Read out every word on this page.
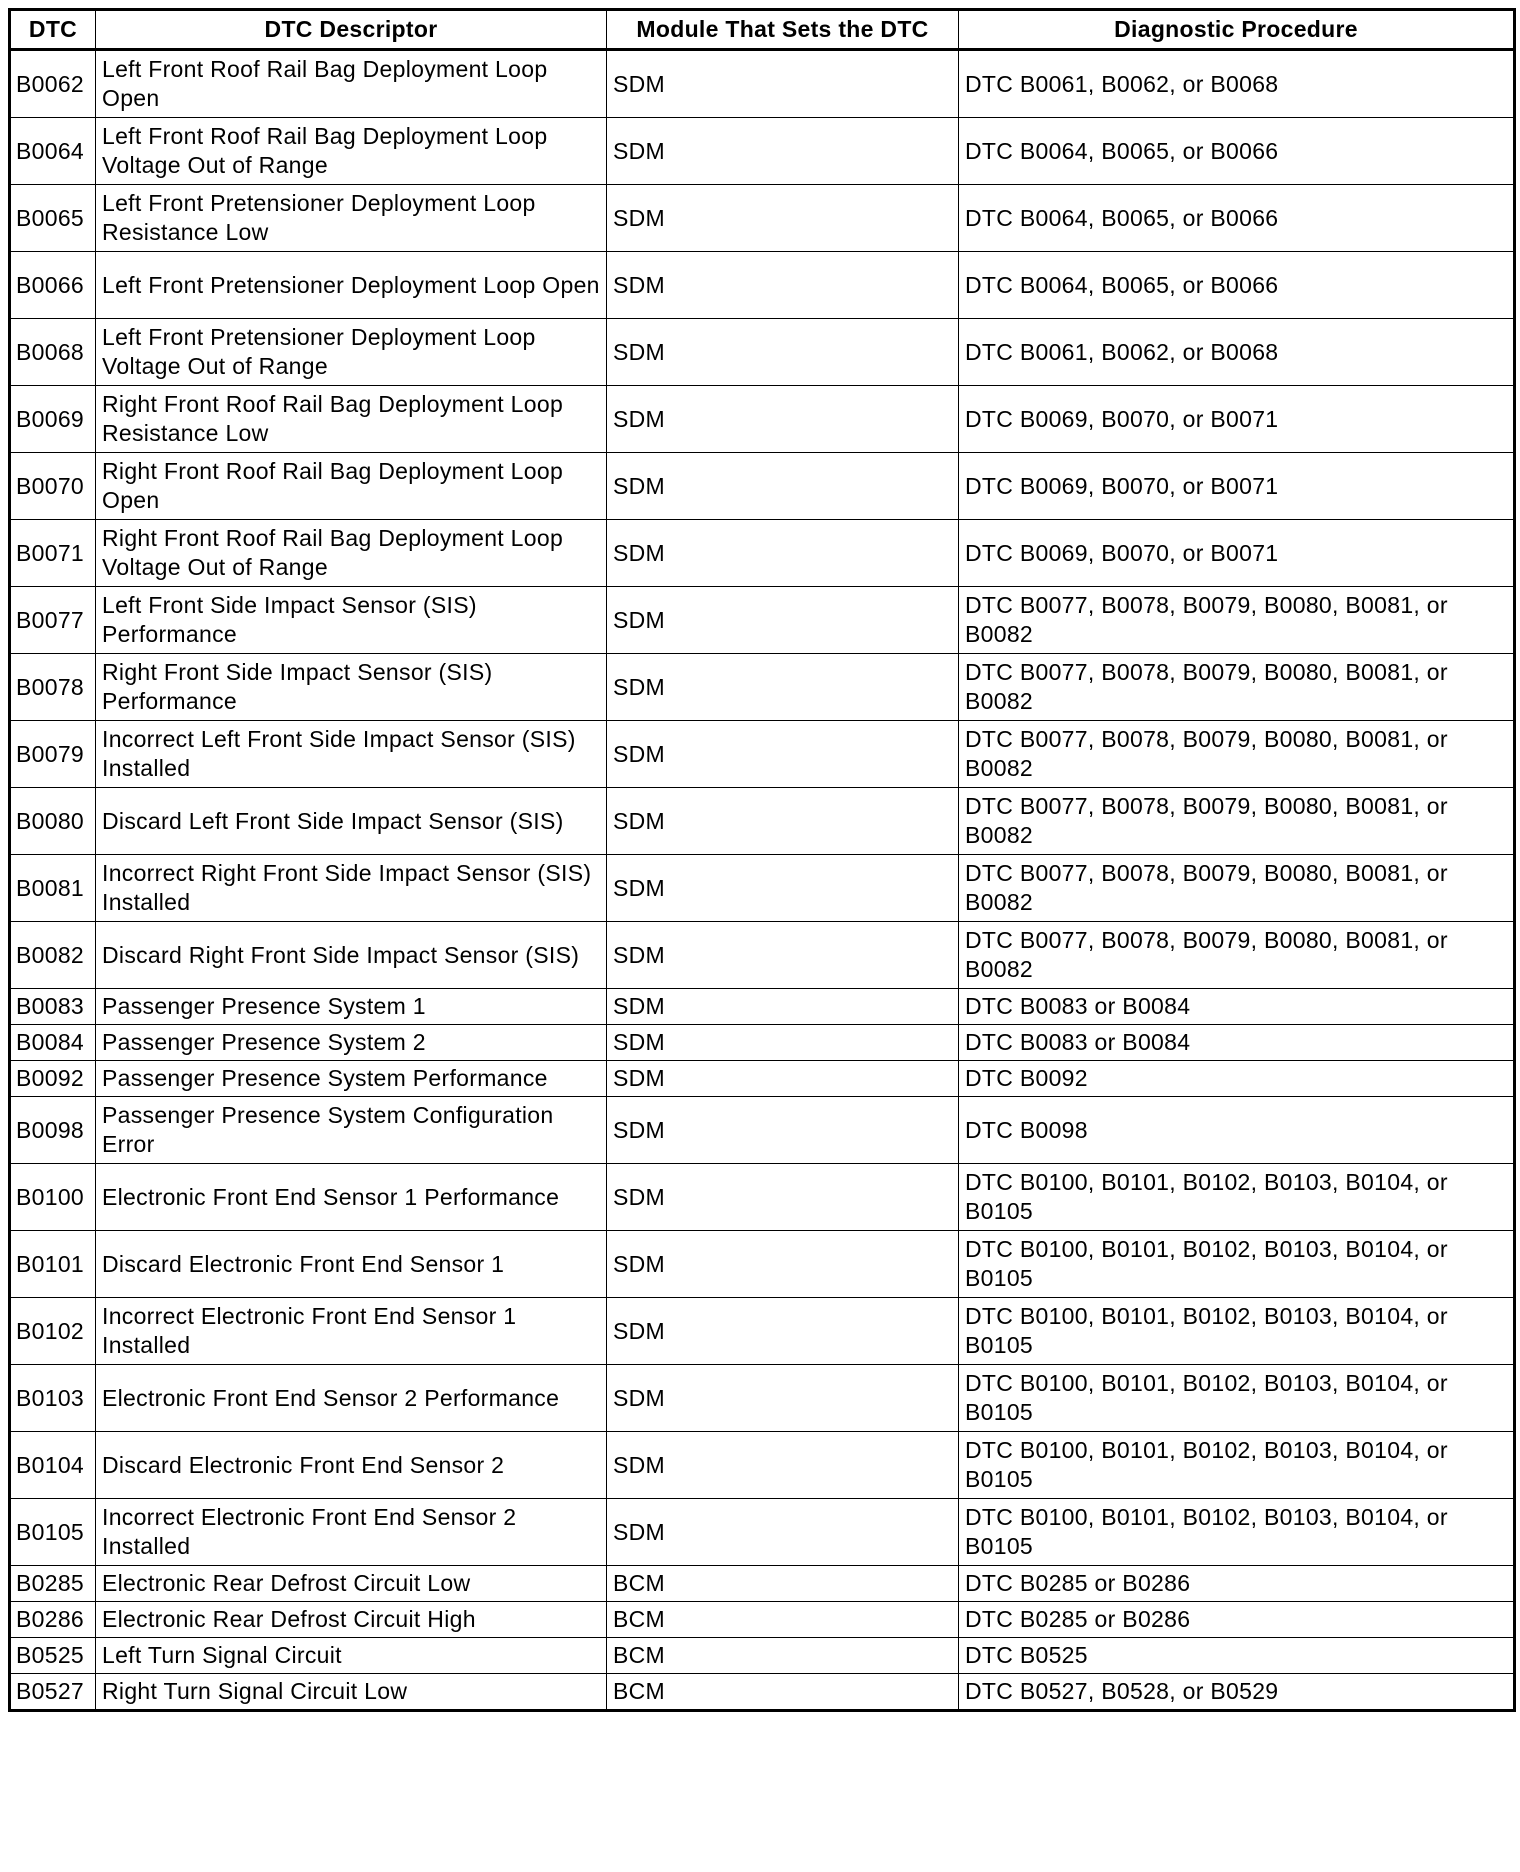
DTC	DTC Descriptor	Module That Sets the DTC	Diagnostic Procedure
B0062	Left Front Roof Rail Bag Deployment Loop Open	SDM	DTC B0061, B0062, or B0068
B0064	Left Front Roof Rail Bag Deployment Loop Voltage Out of Range	SDM	DTC B0064, B0065, or B0066
B0065	Left Front Pretensioner Deployment Loop Resistance Low	SDM	DTC B0064, B0065, or B0066
B0066	Left Front Pretensioner Deployment Loop Open	SDM	DTC B0064, B0065, or B0066
B0068	Left Front Pretensioner Deployment Loop Voltage Out of Range	SDM	DTC B0061, B0062, or B0068
B0069	Right Front Roof Rail Bag Deployment Loop Resistance Low	SDM	DTC B0069, B0070, or B0071
B0070	Right Front Roof Rail Bag Deployment Loop Open	SDM	DTC B0069, B0070, or B0071
B0071	Right Front Roof Rail Bag Deployment Loop Voltage Out of Range	SDM	DTC B0069, B0070, or B0071
B0077	Left Front Side Impact Sensor (SIS) Performance	SDM	DTC B0077, B0078, B0079, B0080, B0081, or B0082
B0078	Right Front Side Impact Sensor (SIS) Performance	SDM	DTC B0077, B0078, B0079, B0080, B0081, or B0082
B0079	Incorrect Left Front Side Impact Sensor (SIS) Installed	SDM	DTC B0077, B0078, B0079, B0080, B0081, or B0082
B0080	Discard Left Front Side Impact Sensor (SIS)	SDM	DTC B0077, B0078, B0079, B0080, B0081, or B0082
B0081	Incorrect Right Front Side Impact Sensor (SIS) Installed	SDM	DTC B0077, B0078, B0079, B0080, B0081, or B0082
B0082	Discard Right Front Side Impact Sensor (SIS)	SDM	DTC B0077, B0078, B0079, B0080, B0081, or B0082
B0083	Passenger Presence System 1	SDM	DTC B0083 or B0084
B0084	Passenger Presence System 2	SDM	DTC B0083 or B0084
B0092	Passenger Presence System Performance	SDM	DTC B0092
B0098	Passenger Presence System Configuration Error	SDM	DTC B0098
B0100	Electronic Front End Sensor 1 Performance	SDM	DTC B0100, B0101, B0102, B0103, B0104, or B0105
B0101	Discard Electronic Front End Sensor 1	SDM	DTC B0100, B0101, B0102, B0103, B0104, or B0105
B0102	Incorrect Electronic Front End Sensor 1 Installed	SDM	DTC B0100, B0101, B0102, B0103, B0104, or B0105
B0103	Electronic Front End Sensor 2 Performance	SDM	DTC B0100, B0101, B0102, B0103, B0104, or B0105
B0104	Discard Electronic Front End Sensor 2	SDM	DTC B0100, B0101, B0102, B0103, B0104, or B0105
B0105	Incorrect Electronic Front End Sensor 2 Installed	SDM	DTC B0100, B0101, B0102, B0103, B0104, or B0105
B0285	Electronic Rear Defrost Circuit Low	BCM	DTC B0285 or B0286
B0286	Electronic Rear Defrost Circuit High	BCM	DTC B0285 or B0286
B0525	Left Turn Signal Circuit	BCM	DTC B0525
B0527	Right Turn Signal Circuit Low	BCM	DTC B0527, B0528, or B0529
